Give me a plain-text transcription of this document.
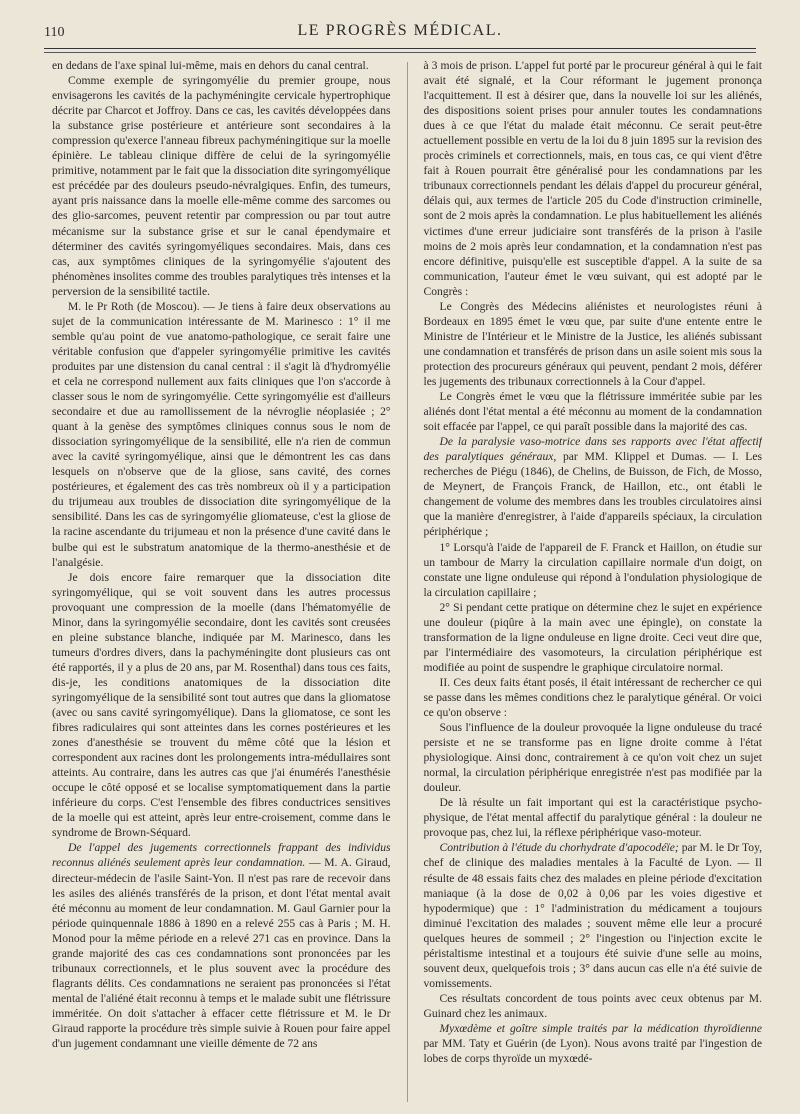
110	LE PROGRÈS MÉDICAL.

en dedans de l'axe spinal lui-même, mais en dehors du canal central.

Comme exemple de syringomyélie du premier groupe, nous envisagerons les cavités de la pachyméningite cervicale hypertrophique décrite par Charcot et Joffroy. Dans ce cas, les cavités développées dans la substance grise postérieure et antérieure sont secondaires à la compression qu'exerce l'anneau fibreux pachyméningitique sur la moelle épinière. Le tableau clinique diffère de celui de la syringomyélie primitive, notamment par le fait que la dissociation dite syringomyélique est précédée par des douleurs pseudo-névralgiques. Enfin, des tumeurs, ayant pris naissance dans la moelle elle-même comme des sarcomes ou des glio-sarcomes, peuvent retentir par compression ou par tout autre mécanisme sur la substance grise et sur le canal épendymaire et déterminer des cavités syringomyéliques secondaires. Mais, dans ces cas, aux symptômes cliniques de la syringomyélie s'ajoutent des phénomènes insolites comme des troubles paralytiques très intenses et la perversion de la sensibilité tactile.

M. le Pr Roth (de Moscou). — Je tiens à faire deux observations au sujet de la communication intéressante de M. Marinesco : 1° il me semble qu'au point de vue anatomo-pathologique, ce serait faire une véritable confusion que d'appeler syringomyélie primitive les cavités produites par une distension du canal central : il s'agit là d'hydromyélie et cela ne correspond nullement aux faits cliniques que l'on s'accorde à classer sous le nom de syringomyélie. Cette syringomyélie est d'ailleurs secondaire et due au ramollissement de la névroglie néoplasiée ; 2° quant à la genèse des symptômes cliniques connus sous le nom de dissociation syringomyélique de la sensibilité, elle n'a rien de commun avec la cavité syringomyélique, ainsi que le démontrent les cas dans lesquels on n'observe que de la gliose, sans cavité, des cornes postérieures, et également des cas très nombreux où il y a participation du trijumeau aux troubles de dissociation dite syringomyélique de la sensibilité. Dans les cas de syringomyélie gliomateuse, c'est la gliose de la racine ascendante du trijumeau et non la présence d'une cavité dans le bulbe qui est le substratum anatomique de la thermo-anesthésie et de l'analgésie.

Je dois encore faire remarquer que la dissociation dite syringomyélique, qui se voit souvent dans les autres processus provoquant une compression de la moelle (dans l'hématomyélie de Minor, dans la syringomyélie secondaire, dont les cavités sont creusées en pleine substance blanche, indiquée par M. Marinesco, dans les tumeurs d'ordres divers, dans la pachyméningite dont plusieurs cas ont été rapportés, il y a plus de 20 ans, par M. Rosenthal) dans tous ces faits, dis-je, les conditions anatomiques de la dissociation dite syringomyélique de la sensibilité sont tout autres que dans la gliomatose (avec ou sans cavité syringomyélique). Dans la gliomatose, ce sont les fibres radiculaires qui sont atteintes dans les cornes postérieures et les zones d'anesthésie se trouvent du même côté que la lésion et correspondent aux racines dont les prolongements intra-médullaires sont atteints. Au contraire, dans les autres cas que j'ai énumérés l'anesthésie occupe le côté opposé et se localise symptomatiquement dans la partie inférieure du corps. C'est l'ensemble des fibres conductrices sensitives de la moelle qui est atteint, après leur entre-croisement, comme dans le syndrome de Brown-Séquard.

De l'appel des jugements correctionnels frappant des individus reconnus aliénés seulement après leur condamnation. — M. A. Giraud, directeur-médecin de l'asile Saint-Yon. Il n'est pas rare de recevoir dans les asiles des aliénés transférés de la prison, et dont l'état mental avait été méconnu au moment de leur condamnation. M. Gaul Garnier pour la période quinquennale 1886 à 1890 en a relevé 255 cas à Paris ; M. H. Monod pour la même période en a relevé 271 cas en province. Dans la grande majorité des cas ces condamnations sont prononcées par les tribunaux correctionnels, et le plus souvent avec la procédure des flagrants délits. Ces condamnations ne seraient pas prononcées si l'état mental de l'aliéné était reconnu à temps et le malade subit une flétrissure imméritée. On doit s'attacher à effacer cette flétrissure et M. le Dr Giraud rapporte la procédure très simple suivie à Rouen pour faire appel d'un jugement condamnant une vieille démente de 72 ans

à 3 mois de prison. L'appel fut porté par le procureur général à qui le fait avait été signalé, et la Cour réformant le jugement prononça l'acquittement. Il est à désirer que, dans la nouvelle loi sur les aliénés, des dispositions soient prises pour annuler toutes les condamnations dues à ce que l'état du malade était méconnu. Ce serait peut-être actuellement possible en vertu de la loi du 8 juin 1895 sur la revision des procès criminels et correctionnels, mais, en tous cas, ce qui vient d'être fait à Rouen pourrait être généralisé pour les condamnations par les tribunaux correctionnels pendant les délais d'appel du procureur général, délais qui, aux termes de l'article 205 du Code d'instruction criminelle, sont de 2 mois après la condamnation. Le plus habituellement les aliénés victimes d'une erreur judiciaire sont transférés de la prison à l'asile moins de 2 mois après leur condamnation, et la condamnation n'est pas encore définitive, puisqu'elle est susceptible d'appel. A la suite de sa communication, l'auteur émet le vœu suivant, qui est adopté par le Congrès :

Le Congrès des Médecins aliénistes et neurologistes réuni à Bordeaux en 1895 émet le vœu que, par suite d'une entente entre le Ministre de l'Intérieur et le Ministre de la Justice, les aliénés subissant une condamnation et transférés de prison dans un asile soient mis sous la protection des procureurs généraux qui peuvent, pendant 2 mois, déférer les jugements des tribunaux correctionnels à la Cour d'appel.

Le Congrès émet le vœu que la flétrissure imméritée subie par les aliénés dont l'état mental a été méconnu au moment de la condamnation soit effacée par l'appel, ce qui paraît possible dans la majorité des cas.

De la paralysie vaso-motrice dans ses rapports avec l'état affectif des paralytiques généraux, par MM. Klippel et Dumas. — I. Les recherches de Piégu (1846), de Chelins, de Buisson, de Fich, de Mosso, de Meynert, de François Franck, de Haillon, etc., ont établi le changement de volume des membres dans les troubles circulatoires ainsi que la manière d'enregistrer, à l'aide d'appareils spéciaux, la circulation périphérique ;

1° Lorsqu'à l'aide de l'appareil de F. Franck et Haillon, on étudie sur un tambour de Marry la circulation capillaire normale d'un doigt, on constate une ligne onduleuse qui répond à l'ondulation physiologique de la circulation capillaire ;

2° Si pendant cette pratique on détermine chez le sujet en expérience une douleur (piqûre à la main avec une épingle), on constate la transformation de la ligne onduleuse en ligne droite. Ceci veut dire que, par l'intermédiaire des vasomoteurs, la circulation périphérique est modifiée au point de suspendre le graphique circulatoire normal.

II. Ces deux faits étant posés, il était intéressant de rechercher ce qui se passe dans les mêmes conditions chez le paralytique général. Or voici ce qu'on observe :

Sous l'influence de la douleur provoquée la ligne onduleuse du tracé persiste et ne se transforme pas en ligne droite comme à l'état physiologique. Ainsi donc, contrairement à ce qu'on voit chez un sujet normal, la circulation périphérique enregistrée n'est pas modifiée par la douleur.

De là résulte un fait important qui est la caractéristique psycho-physique, de l'état mental affectif du paralytique général : la douleur ne provoque pas, chez lui, la réflexe périphérique vaso-moteur.

Contribution à l'étude du chorhydrate d'apocodéïe; par M. le Dr Toy, chef de clinique des maladies mentales à la Faculté de Lyon. — Il résulte de 48 essais faits chez des malades en pleine période d'excitation maniaque (à la dose de 0,02 à 0,06 par les voies digestive et hypodermique) que : 1° l'administration du médicament a toujours diminué l'excitation des malades ; souvent même elle leur a procuré quelques heures de sommeil ; 2° l'ingestion ou l'injection excite le péristaltisme intestinal et a toujours été suivie d'une selle au moins, souvent deux, quelquefois trois ; 3° dans aucun cas elle n'a été suivie de vomissements.

Ces résultats concordent de tous points avec ceux obtenus par M. Guinard chez les animaux.

Myxœdème et goître simple traités par la médication thyroïdienne par MM. Taty et Guérin (de Lyon). Nous avons traité par l'ingestion de lobes de corps thyroïde un myxœdé-
